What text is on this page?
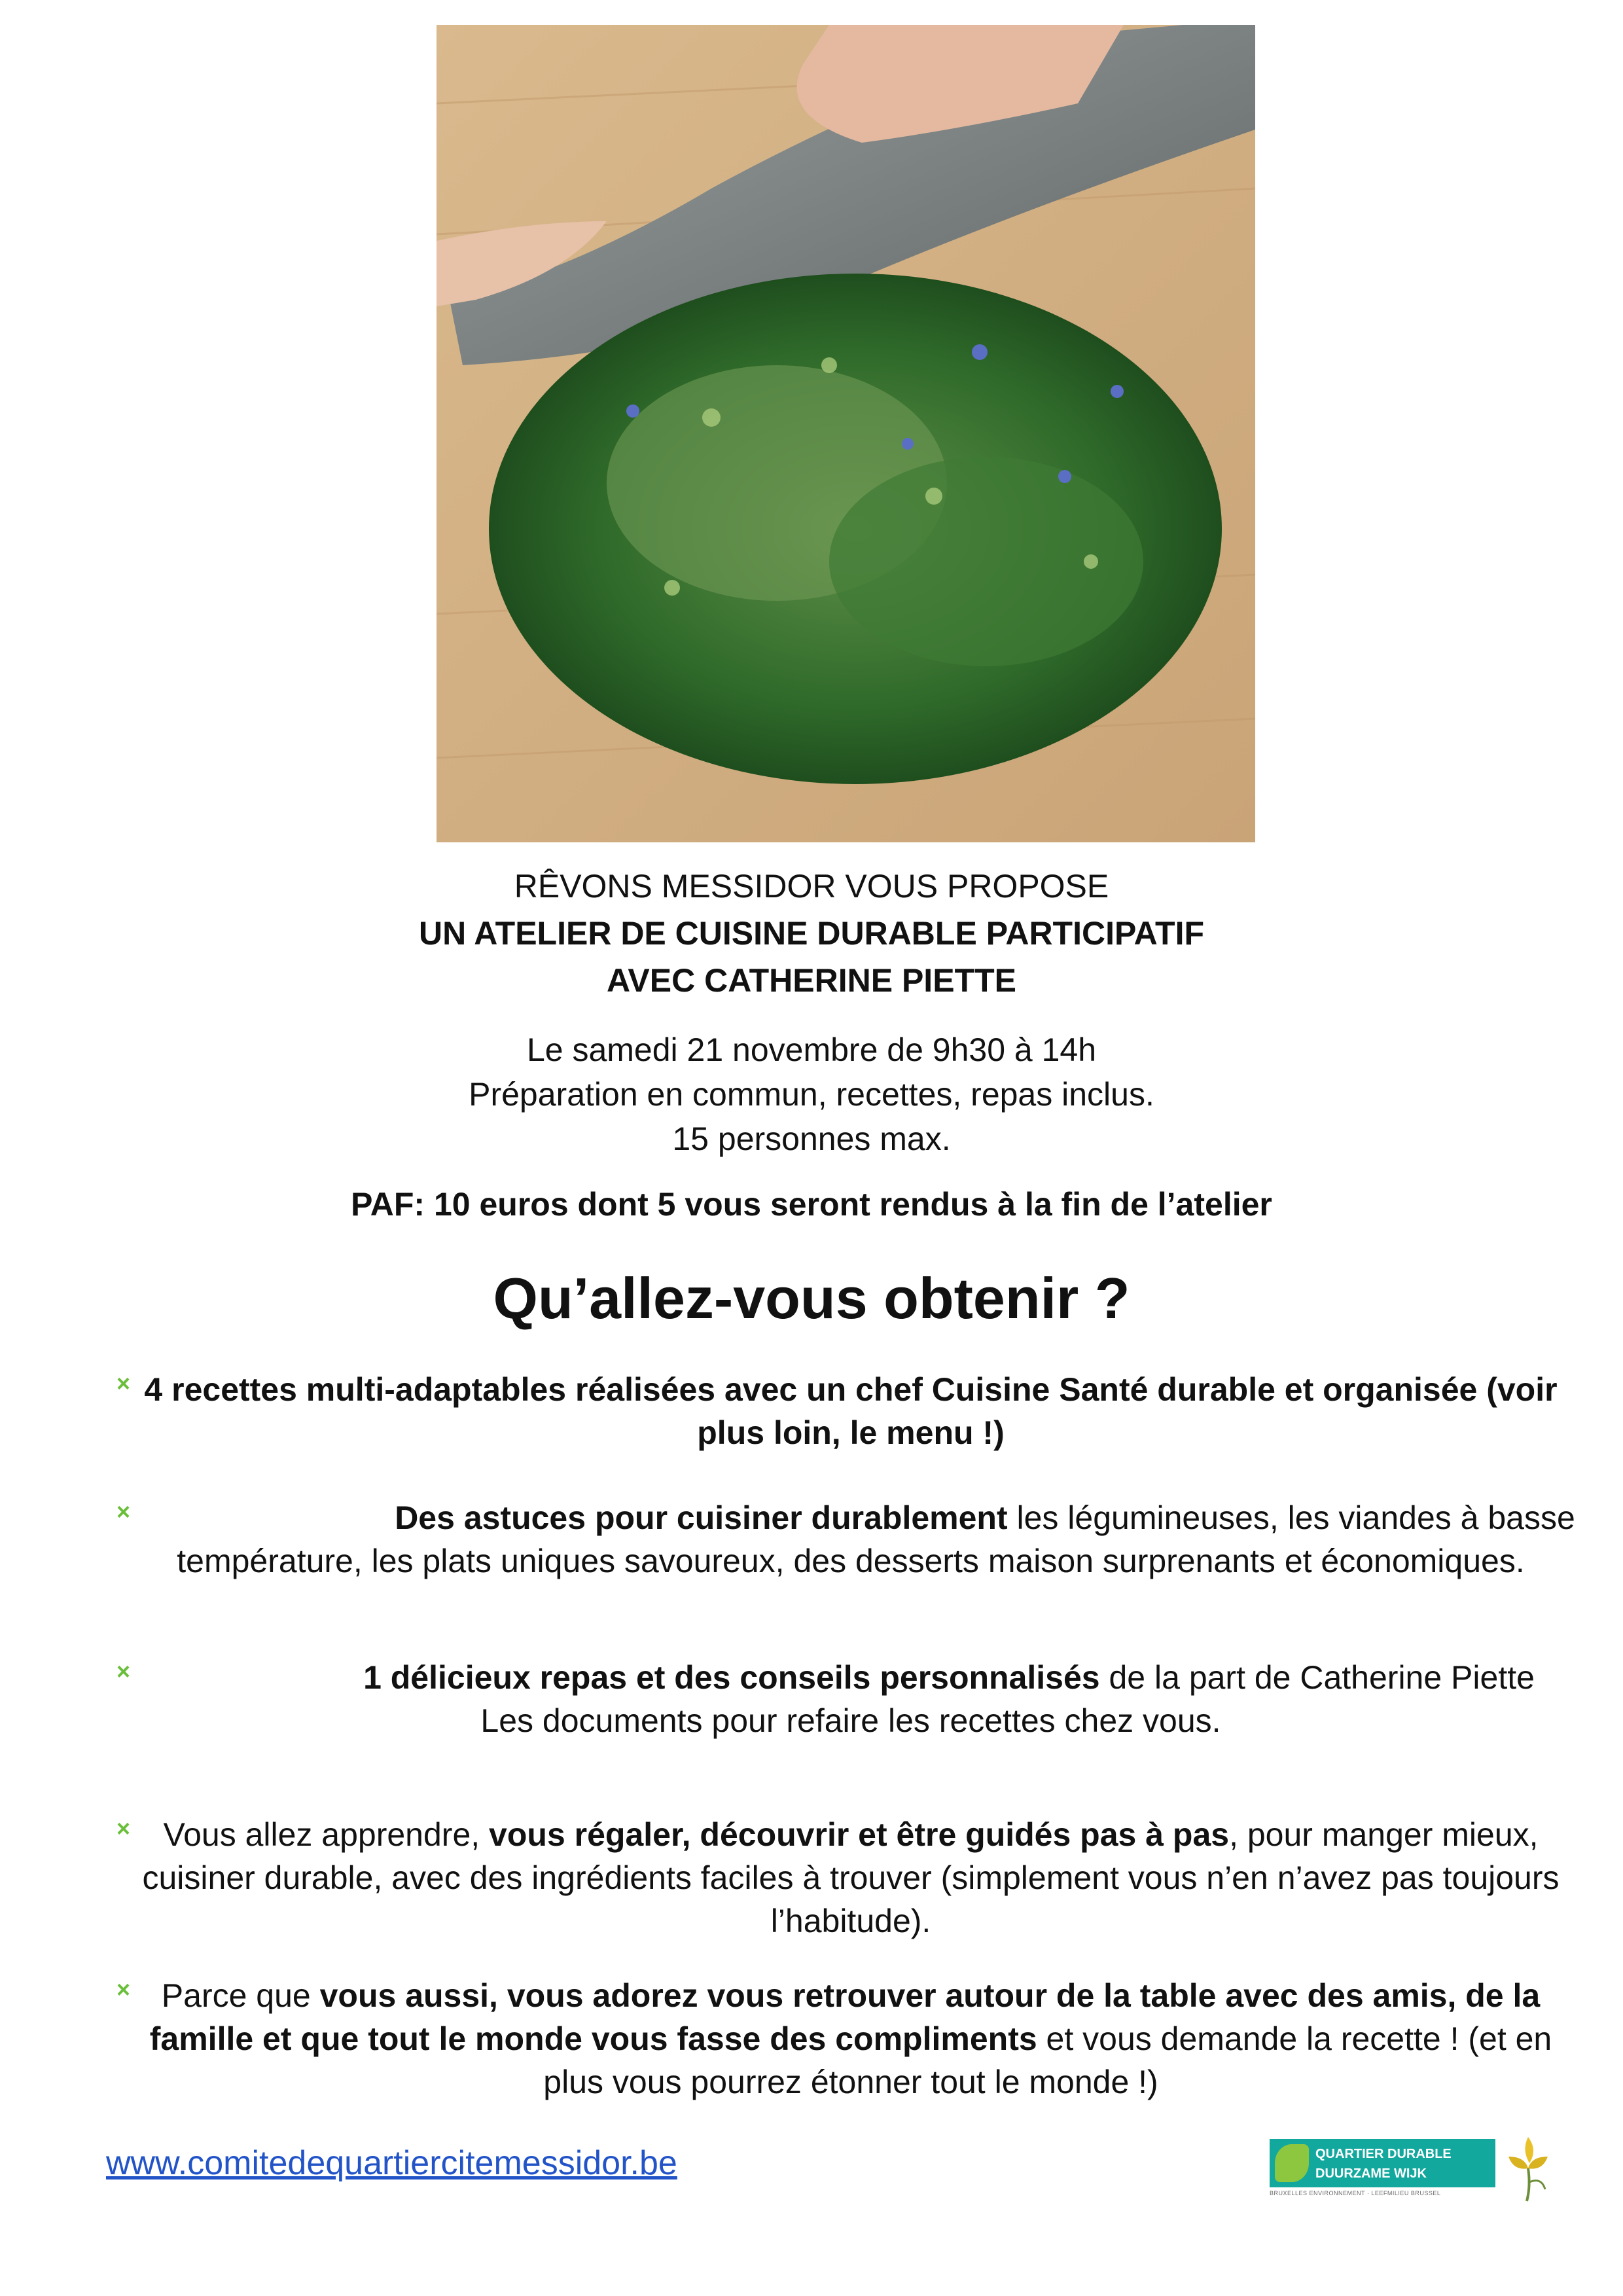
RÊVONS MESSIDOR VOUS PROPOSE
UN ATELIER DE CUISINE DURABLE PARTICIPATIF
AVEC CATHERINE PIETTE
Le samedi 21 novembre de 9h30 à 14h
Préparation en commun, recettes, repas inclus.
15 personnes max.
PAF: 10 euros dont 5 vous seront rendus à la fin de l’atelier
Qu’allez-vous obtenir ?
× 4 recettes multi-adaptables réalisées avec un chef Cuisine Santé durable et organisée (voir plus loin, le menu !)
×	Des astuces pour cuisiner durablement les légumineuses, les viandes à basse température, les plats uniques savoureux, des desserts maison surprenants et économiques.
×	1 délicieux repas et des conseils personnalisés de la part de Catherine Piette
Les documents pour refaire les recettes chez vous.
×	Vous allez apprendre, vous régaler, découvrir et être guidés pas à pas, pour manger mieux, cuisiner durable, avec des ingrédients faciles à trouver (simplement vous n’en n’avez pas toujours l’habitude).
× Parce que vous aussi, vous adorez vous retrouver autour de la table avec des amis, de la famille et que tout le monde vous fasse des compliments et vous demande la recette ! (et en plus vous pourrez étonner tout le monde !)
www.comitedequartiercitemessidor.be	QUARTIER DURABLE
DUURZAME WIJK
BRUXELLES ENVIRONNEMENT · LEEFMILIEU BRUSSEL
